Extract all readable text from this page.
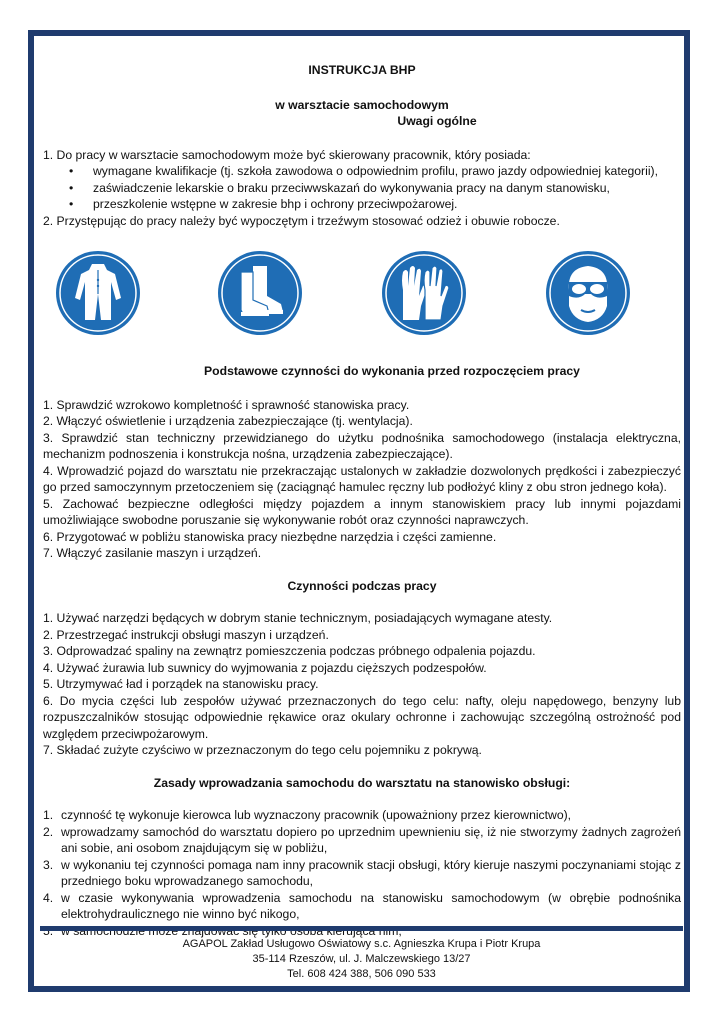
INSTRUKCJA BHP

w warsztacie samochodowym

Uwagi ogólne

1. Do pracy w warsztacie samochodowym może być skierowany pracownik, który posiada:

• wymagane kwalifikacje (tj. szkoła zawodowa o odpowiednim profilu, prawo jazdy odpowiedniej kategorii),
• zaświadczenie lekarskie o braku przeciwwskazań do wykonywania pracy na danym stanowisku,
• przeszkolenie wstępne w zakresie bhp i ochrony przeciwpożarowej.

2. Przystępując do pracy należy być wypoczętym i trzeźwym stosować odzież i obuwie robocze.

Podstawowe czynności do wykonania przed rozpoczęciem pracy

1. Sprawdzić wzrokowo kompletność i sprawność stanowiska pracy.

2. Włączyć oświetlenie i urządzenia zabezpieczające (tj. wentylacja).

3. Sprawdzić stan techniczny przewidzianego do użytku podnośnika samochodowego (instalacja elektryczna, mechanizm podnoszenia i konstrukcja nośna, urządzenia zabezpieczające).

4. Wprowadzić pojazd do warsztatu nie przekraczając ustalonych w zakładzie dozwolonych prędkości i zabezpieczyć go przed samoczynnym przetoczeniem się (zaciągnąć hamulec ręczny lub podłożyć kliny z obu stron jednego koła).

5. Zachować bezpieczne odległości między pojazdem a innym stanowiskiem pracy lub innymi pojazdami umożliwiające swobodne poruszanie się wykonywanie robót oraz czynności naprawczych.

6. Przygotować w pobliżu stanowiska pracy niezbędne narzędzia i części zamienne.

7. Włączyć zasilanie maszyn i urządzeń.

Czynności podczas pracy

1. Używać narzędzi będących w dobrym stanie technicznym, posiadających wymagane atesty.

2. Przestrzegać instrukcji obsługi maszyn i urządzeń.

3. Odprowadzać spaliny na zewnątrz pomieszczenia podczas próbnego odpalenia pojazdu.

4. Używać żurawia lub suwnicy do wyjmowania z pojazdu cięższych podzespołów.

5. Utrzymywać ład i porządek na stanowisku pracy.

6. Do mycia części lub zespołów używać przeznaczonych do tego celu: nafty, oleju napędowego, benzyny lub rozpuszczalników stosując odpowiednie rękawice oraz okulary ochronne i zachowując szczególną ostrożność pod względem przeciwpożarowym.

7. Składać zużyte czyściwo w przeznaczonym do tego celu pojemniku z pokrywą.

Zasady wprowadzania samochodu do warsztatu na stanowisko obsługi:

1. czynność tę wykonuje kierowca lub wyznaczony pracownik (upoważniony przez kierownictwo),
2. wprowadzamy samochód do warsztatu dopiero po uprzednim upewnieniu się, iż nie stworzymy żadnych zagrożeń ani sobie, ani osobom znajdującym się w pobliżu,
3. w wykonaniu tej czynności pomaga nam inny pracownik stacji obsługi, który kieruje naszymi poczynaniami stojąc z przedniego boku wprowadzanego samochodu,
4. w czasie wykonywania wprowadzenia samochodu na stanowisku samochodowym (w obrębie podnośnika elektrohydraulicznego nie winno być nikogo,

AGAPOL Zakład Usługowo Oświatowy s.c. Agnieszka Krupa i Piotr Krupa

35-114 Rzeszów, ul. J. Malczewskiego 13/27

Tel. 608 424 388, 506 090 533
